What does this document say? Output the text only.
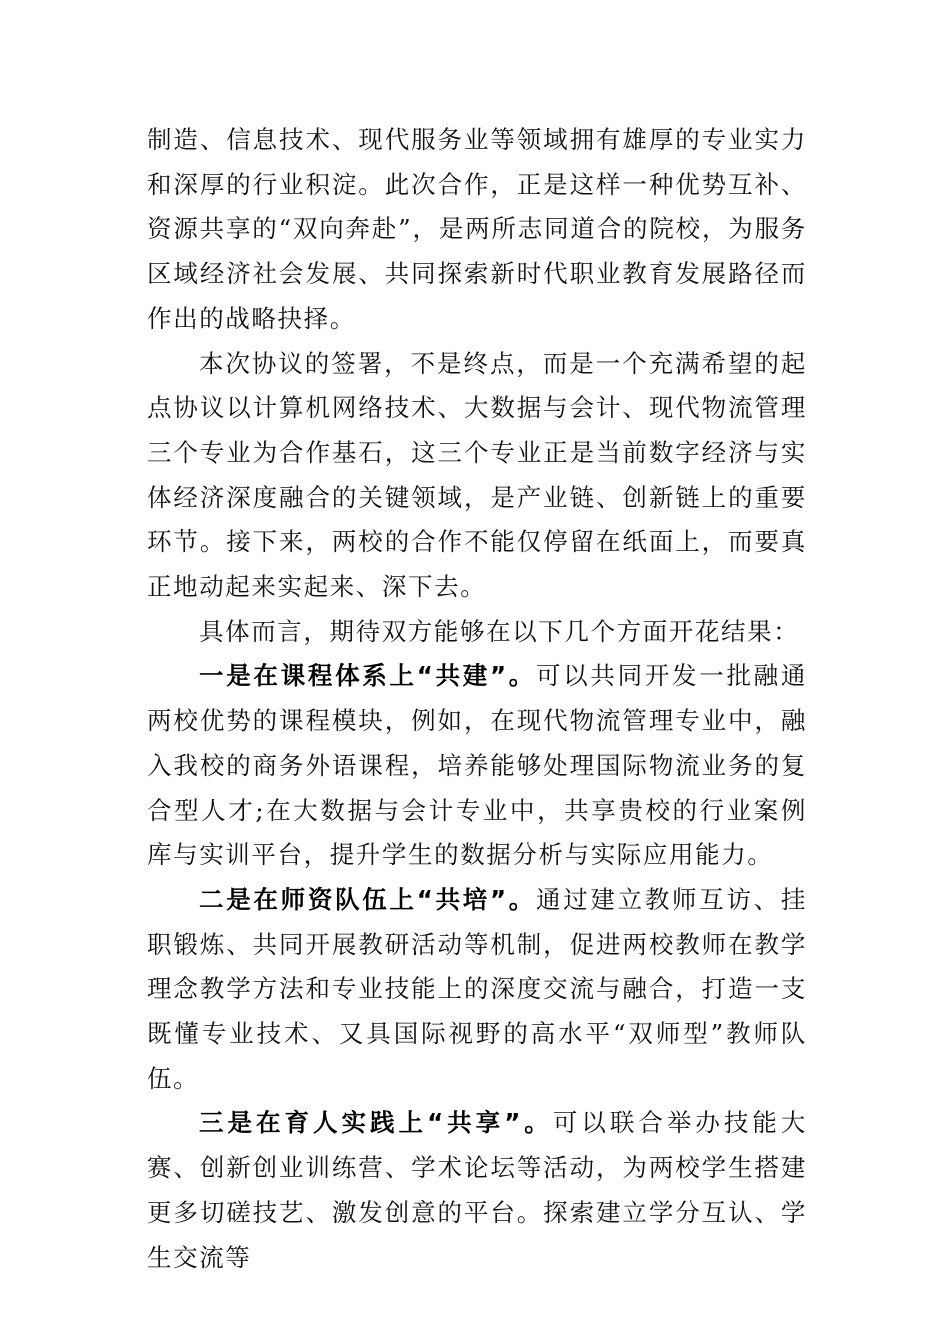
制造、信息技术、现代服务业等领域拥有雄厚的专业实力和深厚的行业积淀。此次合作，正是这样一种优势互补、资源共享的“双向奔赴”，是两所志同道合的院校，为服务区域经济社会发展、共同探索新时代职业教育发展路径而作出的战略抉择。

本次协议的签署，不是终点，而是一个充满希望的起点协议以计算机网络技术、大数据与会计、现代物流管理三个专业为合作基石，这三个专业正是当前数字经济与实体经济深度融合的关键领域，是产业链、创新链上的重要环节。接下来，两校的合作不能仅停留在纸面上，而要真正地动起来实起来、深下去。

具体而言，期待双方能够在以下几个方面开花结果：

一是在课程体系上“共建”。可以共同开发一批融通两校优势的课程模块，例如，在现代物流管理专业中，融入我校的商务外语课程，培养能够处理国际物流业务的复合型人才;在大数据与会计专业中，共享贵校的行业案例库与实训平台，提升学生的数据分析与实际应用能力。

二是在师资队伍上“共培”。通过建立教师互访、挂职锻炼、共同开展教研活动等机制，促进两校教师在教学理念教学方法和专业技能上的深度交流与融合，打造一支既懂专业技术、又具国际视野的高水平“双师型”教师队伍。

三是在育人实践上“共享”。可以联合举办技能大赛、创新创业训练营、学术论坛等活动，为两校学生搭建更多切磋技艺、激发创意的平台。探索建立学分互认、学生交流等
